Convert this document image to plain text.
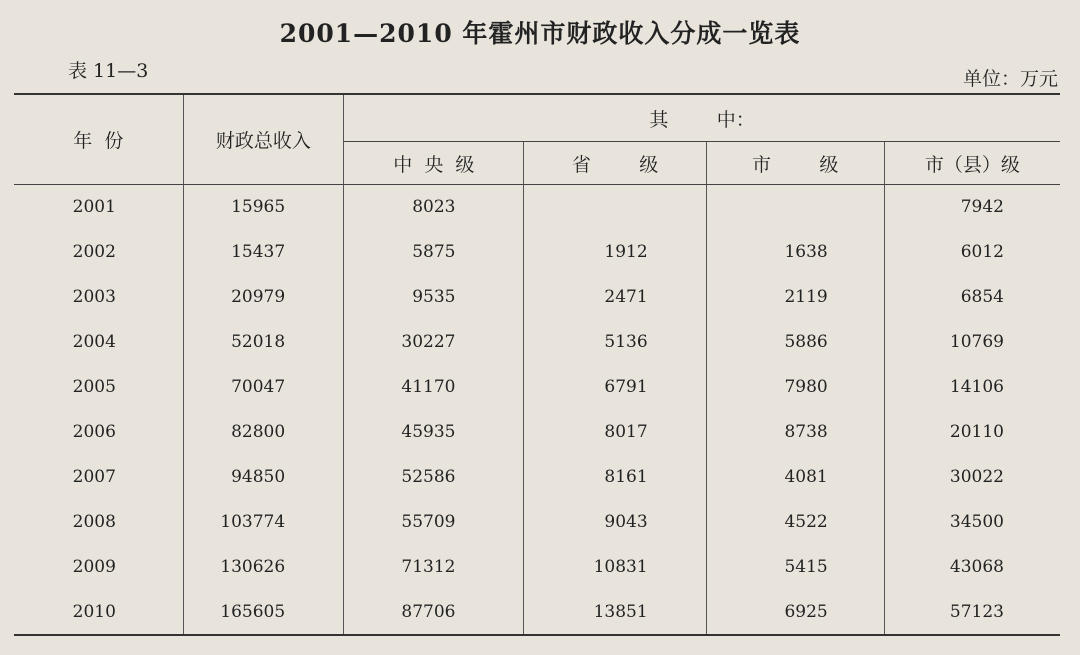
2001—2010 年霍州市财政收入分成一览表
表 11—3	单位：万元
年  份	财政总收入	其        中：			
		中  央  级	省        级	市        级	市（县）级
2001	15965	8023			7942
2002	15437	5875	1912	1638	6012
2003	20979	9535	2471	2119	6854
2004	52018	30227	5136	5886	10769
2005	70047	41170	6791	7980	14106
2006	82800	45935	8017	8738	20110
2007	94850	52586	8161	4081	30022
2008	103774	55709	9043	4522	34500
2009	130626	71312	10831	5415	43068
2010	165605	87706	13851	6925	57123
